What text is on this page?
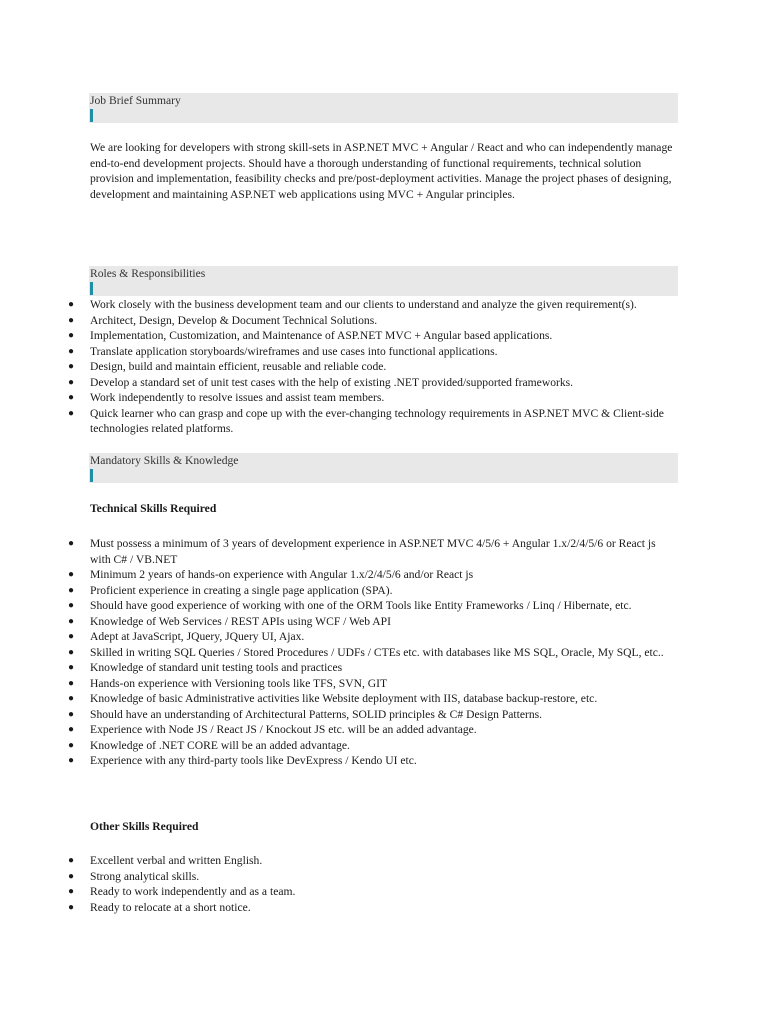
Job Brief Summary
We are looking for developers with strong skill-sets in ASP.NET MVC + Angular / React and who can independently manage end-to-end development projects. Should have a thorough understanding of functional requirements, technical solution provision and implementation, feasibility checks and pre/post-deployment activities. Manage the project phases of designing, development and maintaining ASP.NET web applications using MVC + Angular principles.
Roles & Responsibilities
● Work closely with the business development team and our clients to understand and analyze the given requirement(s).
● Architect, Design, Develop & Document Technical Solutions.
● Implementation, Customization, and Maintenance of ASP.NET MVC + Angular based applications.
● Translate application storyboards/wireframes and use cases into functional applications.
● Design, build and maintain efficient, reusable and reliable code.
● Develop a standard set of unit test cases with the help of existing .NET provided/supported frameworks.
● Work independently to resolve issues and assist team members.
● Quick learner who can grasp and cope up with the ever-changing technology requirements in ASP.NET MVC & Client-side technologies related platforms.
Mandatory Skills & Knowledge
Technical Skills Required
● Must possess a minimum of 3 years of development experience in ASP.NET MVC 4/5/6 + Angular 1.x/2/4/5/6 or React js with C# / VB.NET
● Minimum 2 years of hands-on experience with Angular 1.x/2/4/5/6 and/or React js
● Proficient experience in creating a single page application (SPA).
● Should have good experience of working with one of the ORM Tools like Entity Frameworks / Linq / Hibernate, etc.
● Knowledge of Web Services / REST APIs using WCF / Web API
● Adept at JavaScript, JQuery, JQuery UI, Ajax.
● Skilled in writing SQL Queries / Stored Procedures / UDFs / CTEs etc. with databases like MS SQL, Oracle, My SQL, etc..
● Knowledge of standard unit testing tools and practices
● Hands-on experience with Versioning tools like TFS, SVN, GIT
● Knowledge of basic Administrative activities like Website deployment with IIS, database backup-restore, etc.
● Should have an understanding of Architectural Patterns, SOLID principles & C# Design Patterns.
● Experience with Node JS / React JS / Knockout JS etc. will be an added advantage.
● Knowledge of .NET CORE will be an added advantage.
● Experience with any third-party tools like DevExpress / Kendo UI etc.
Other Skills Required
● Excellent verbal and written English.
● Strong analytical skills.
● Ready to work independently and as a team.
● Ready to relocate at a short notice.
